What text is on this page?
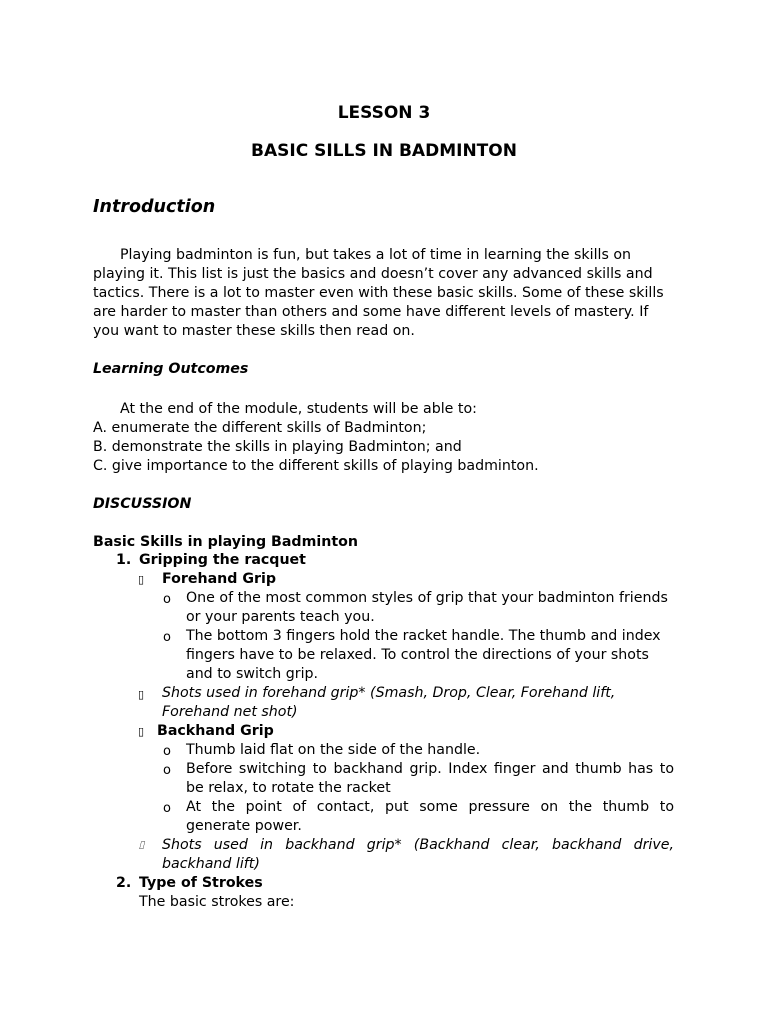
LESSON 3
BASIC SILLS IN BADMINTON
Introduction
Playing badminton is fun, but takes a lot of time in learning the skills on playing it. This list is just the basics and doesn’t cover any advanced skills and tactics. There is a lot to master even with these basic skills. Some of these skills are harder to master than others and some have different levels of mastery. If you want to master these skills then read on.
Learning Outcomes
At the end of the module, students will be able to:
A. enumerate the different skills of Badminton;
B. demonstrate the skills in playing Badminton; and
C. give importance to the different skills of playing badminton.
DISCUSSION
Basic Skills in playing Badminton
1. Gripping the racquet
▯ Forehand Grip
o One of the most common styles of grip that your badminton friends or your parents teach you.
o The bottom 3 fingers hold the racket handle. The thumb and index fingers have to be relaxed. To control the directions of your shots and to switch grip.
▯ Shots used in forehand grip* (Smash, Drop, Clear, Forehand lift, Forehand net shot)
▯ Backhand Grip
o Thumb laid flat on the side of the handle.
o Before switching to backhand grip. Index finger and thumb has to be relax, to rotate the racket
o At the point of contact, put some pressure on the thumb to generate power.
⌷ Shots used in backhand grip* (Backhand clear, backhand drive, backhand lift)
2. Type of Strokes
The basic strokes are:
